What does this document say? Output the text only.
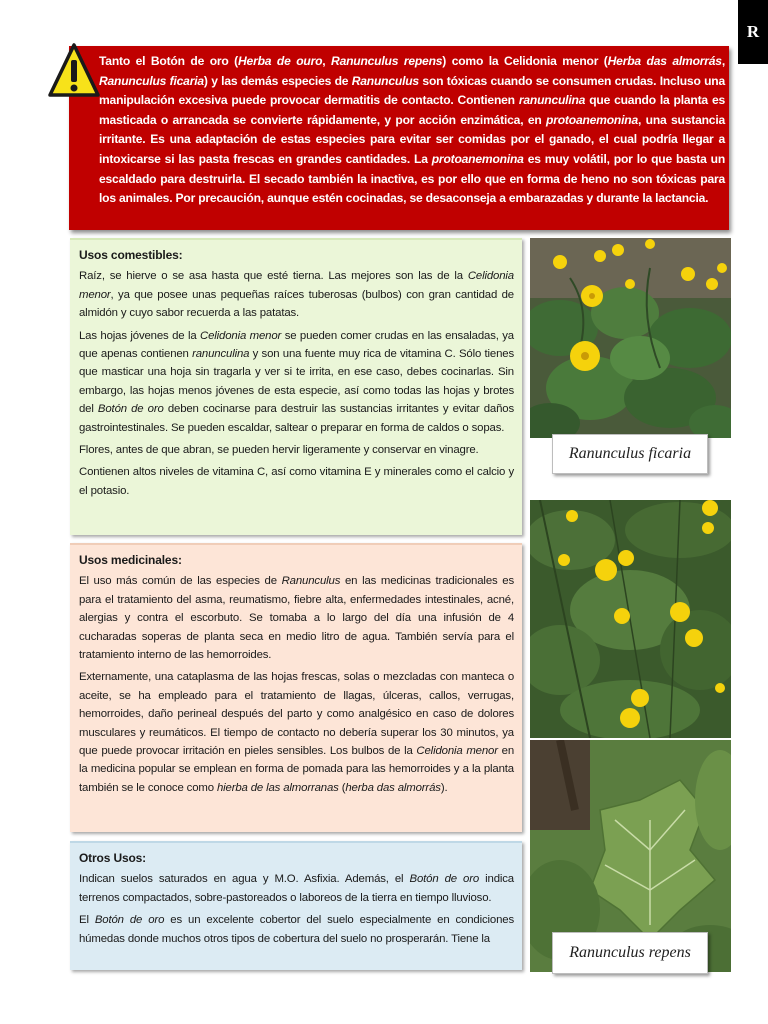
R
Tanto el Botón de oro (Herba de ouro, Ranunculus repens) como la Celidonia menor (Herba das almorrás, Ranunculus ficaria) y las demás especies de Ranunculus son tóxicas cuando se consumen crudas. Incluso una manipulación excesiva puede provocar dermatitis de contacto. Contienen ranunculina que cuando la planta es masticada o arrancada se convierte rápidamente, y por acción enzimática, en protoanemonina, una sustancia irritante. Es una adaptación de estas especies para evitar ser comidas por el ganado, el cual podría llegar a intoxicarse si las pasta frescas en grandes cantidades. La protoanemonina es muy volátil, por lo que basta un escaldado para destruirla. El secado también la inactiva, es por ello que en forma de heno no son tóxicas para los animales. Por precaución, aunque estén cocinadas, se desaconseja a embarazadas y durante la lactancia.
Usos comestibles:

Raíz, se hierve o se asa hasta que esté tierna. Las mejores son las de la Celidonia menor, ya que posee unas pequeñas raíces tuberosas (bulbos) con gran cantidad de almidón y cuyo sabor recuerda a las patatas.

Las hojas jóvenes de la Celidonia menor se pueden comer crudas en las ensaladas, ya que apenas contienen ranunculina y son una fuente muy rica de vitamina C. Sólo tienes que masticar una hoja sin tragarla y ver si te irrita, en ese caso, debes cocinarlas. Sin embargo, las hojas menos jóvenes de esta especie, así como todas las hojas y brotes del Botón de oro deben cocinarse para destruir las sustancias irritantes y evitar daños gastrointestinales. Se pueden escaldar, saltear o preparar en forma de caldos o sopas.

Flores, antes de que abran, se pueden hervir ligeramente y conservar en vinagre.

Contienen altos niveles de vitamina C, así como vitamina E y minerales como el calcio y el potasio.

Usos medicinales:

El uso más común de las especies de Ranunculus en las medicinas tradicionales es para el tratamiento del asma, reumatismo, fiebre alta, enfermedades intestinales, acné, alergias y contra el escorbuto. Se tomaba a lo largo del día una infusión de 4 cucharadas soperas de planta seca en medio litro de agua. También servía para el tratamiento interno de las hemorroides.

Externamente, una cataplasma de las hojas frescas, solas o mezcladas con manteca o aceite, se ha empleado para el tratamiento de llagas, úlceras, callos, verrugas, hemorroides, daño perineal después del parto y como analgésico en caso de dolores musculares y reumáticos. El tiempo de contacto no debería superar los 30 minutos, ya que puede provocar irritación en pieles sensibles. Los bulbos de la Celidonia menor en la medicina popular se emplean en forma de pomada para las hemorroides y a la planta también se le conoce como hierba de las almorranas (herba das almorrás).

Otros Usos:

Indican suelos saturados en agua y M.O. Asfixia. Además, el Botón de oro indica terrenos compactados, sobre-pastoreados o laboreos de la tierra en tiempo lluvioso.

El Botón de oro es un excelente cobertor del suelo especialmente en condiciones húmedas donde muchos otros tipos de cobertura del suelo no prosperarán. Tiene la

Ranunculus ficaria
Ranunculus repens
